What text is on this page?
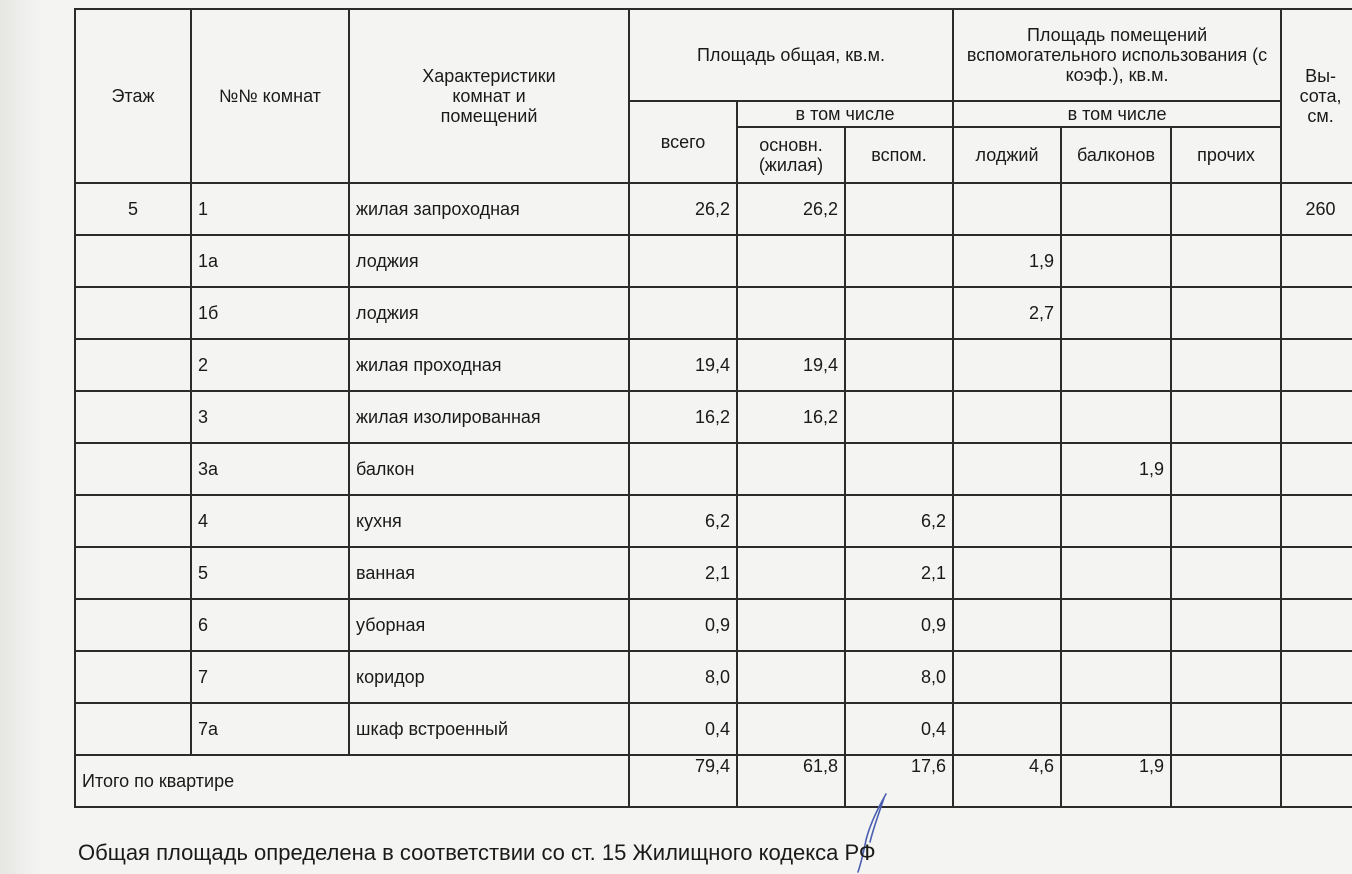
Этаж	№№ комнат	Характеристики комнат и помещений	Площадь общая, кв.м.			Площадь помещений вспомогательного использования (с коэф.), кв.м.			Вы-сота, см.
			всего	в том числе		в том числе			
				основн. (жилая)	вспом.	лоджий	балконов	прочих	
5	1	жилая запроходная	26,2	26,2					260
	1а	лоджия				1,9			
	1б	лоджия				2,7			
	2	жилая проходная	19,4	19,4					
	3	жилая изолированная	16,2	16,2					
	3а	балкон					1,9		
	4	кухня	6,2		6,2				
	5	ванная	2,1		2,1				
	6	уборная	0,9		0,9				
	7	коридор	8,0		8,0				
	7а	шкаф встроенный	0,4		0,4				
Итого по квартире			79,4	61,8	17,6	4,6	1,9		
Общая площадь определена в соответствии со ст. 15 Жилищного кодекса РФ
